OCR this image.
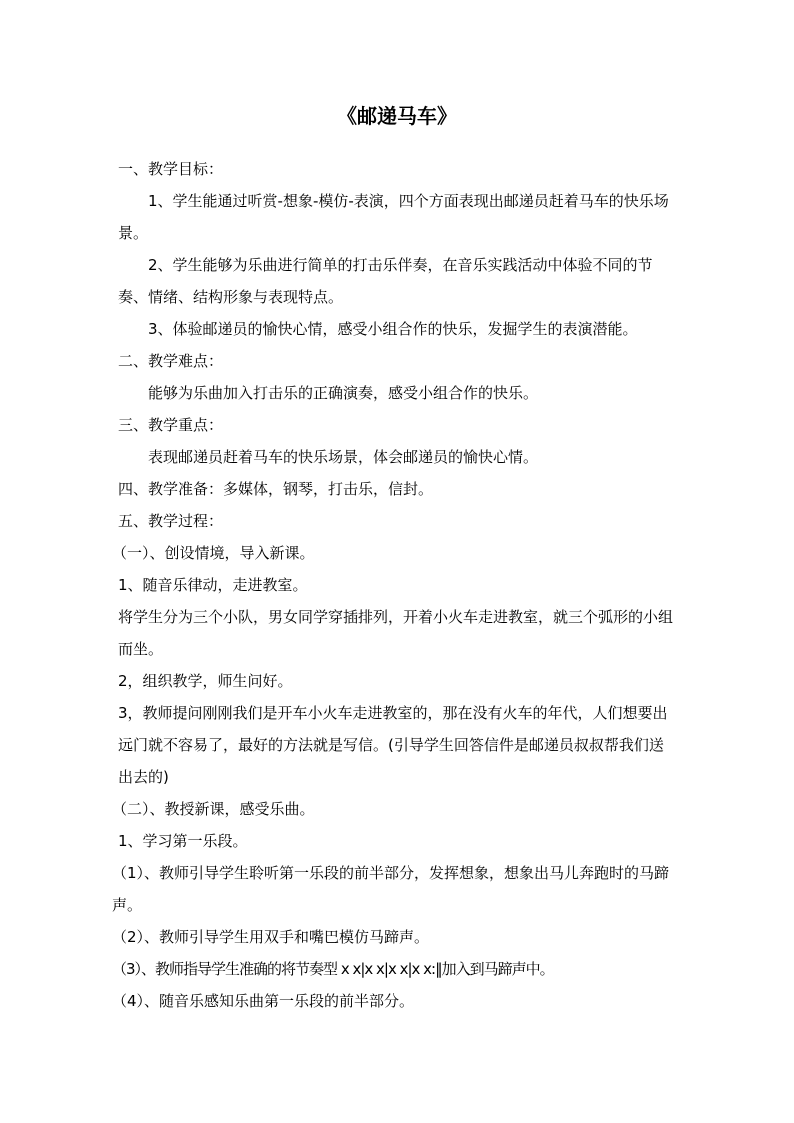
《邮递马车》

一、教学目标：

1、学生能通过听赏-想象-模仿-表演，四个方面表现出邮递员赶着马车的快乐场景。

2、学生能够为乐曲进行简单的打击乐伴奏，在音乐实践活动中体验不同的节奏、情绪、结构形象与表现特点。

3、体验邮递员的愉快心情，感受小组合作的快乐，发掘学生的表演潜能。

二、教学难点：

能够为乐曲加入打击乐的正确演奏，感受小组合作的快乐。

三、教学重点：

表现邮递员赶着马车的快乐场景，体会邮递员的愉快心情。

四、教学准备：多媒体，钢琴，打击乐，信封。

五、教学过程：

（一）、创设情境，导入新课。

1、随音乐律动，走进教室。

将学生分为三个小队，男女同学穿插排列，开着小火车走进教室，就三个弧形的小组而坐。

2，组织教学，师生问好。

3，教师提问刚刚我们是开车小火车走进教室的，那在没有火车的年代，人们想要出远门就不容易了，最好的方法就是写信。(引导学生回答信件是邮递员叔叔帮我们送出去的)

（二）、教授新课，感受乐曲。

1、学习第一乐段。

（1）、教师引导学生聆听第一乐段的前半部分，发挥想象，想象出马儿奔跑时的马蹄声。

（2）、教师引导学生用双手和嘴巴模仿马蹄声。

（3）、教师指导学生准确的将节奏型 x x|x x|x x|x x:‖加入到马蹄声中。

（4）、随音乐感知乐曲第一乐段的前半部分。
